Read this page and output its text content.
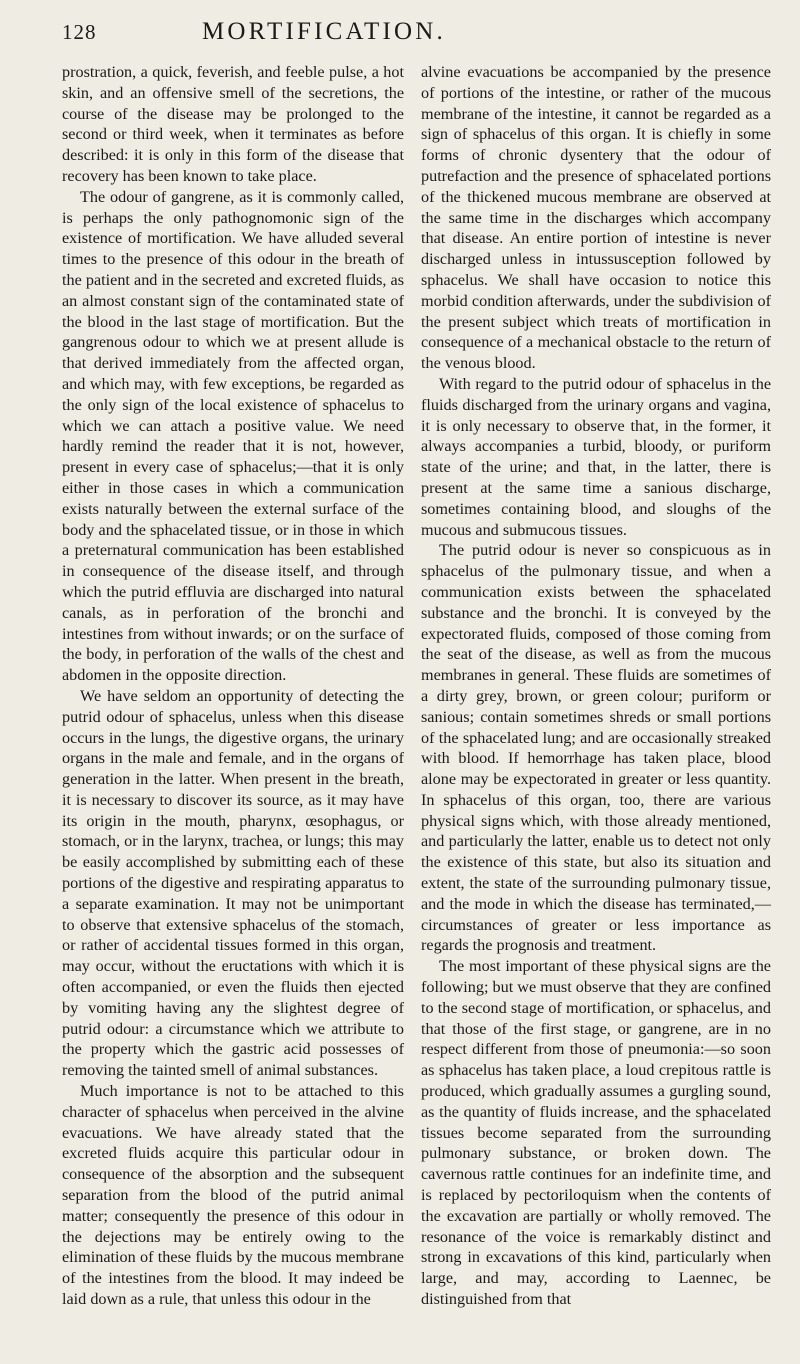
128	MORTIFICATION.

prostration, a quick, feverish, and feeble pulse, a hot skin, and an offensive smell of the secretions, the course of the disease may be prolonged to the second or third week, when it terminates as before described: it is only in this form of the disease that recovery has been known to take place.

The odour of gangrene, as it is commonly called, is perhaps the only pathognomonic sign of the existence of mortification. We have alluded several times to the presence of this odour in the breath of the patient and in the secreted and excreted fluids, as an almost constant sign of the contaminated state of the blood in the last stage of mortification. But the gangrenous odour to which we at present allude is that derived immediately from the affected organ, and which may, with few exceptions, be regarded as the only sign of the local existence of sphacelus to which we can attach a positive value. We need hardly remind the reader that it is not, however, present in every case of sphacelus;—that it is only either in those cases in which a communication exists naturally between the external surface of the body and the sphacelated tissue, or in those in which a preternatural communication has been established in consequence of the disease itself, and through which the putrid effluvia are discharged into natural canals, as in perforation of the bronchi and intestines from without inwards; or on the surface of the body, in perforation of the walls of the chest and abdomen in the opposite direction.

We have seldom an opportunity of detecting the putrid odour of sphacelus, unless when this disease occurs in the lungs, the digestive organs, the urinary organs in the male and female, and in the organs of generation in the latter. When present in the breath, it is necessary to discover its source, as it may have its origin in the mouth, pharynx, œsophagus, or stomach, or in the larynx, trachea, or lungs; this may be easily accomplished by submitting each of these portions of the digestive and respirating apparatus to a separate examination. It may not be unimportant to observe that extensive sphacelus of the stomach, or rather of accidental tissues formed in this organ, may occur, without the eructations with which it is often accompanied, or even the fluids then ejected by vomiting having any the slightest degree of putrid odour: a circumstance which we attribute to the property which the gastric acid possesses of removing the tainted smell of animal substances.

Much importance is not to be attached to this character of sphacelus when perceived in the alvine evacuations. We have already stated that the excreted fluids acquire this particular odour in consequence of the absorption and the subsequent separation from the blood of the putrid animal matter; consequently the presence of this odour in the dejections may be entirely owing to the elimination of these fluids by the mucous membrane of the intestines from the blood. It may indeed be laid down as a rule, that unless this odour in the

alvine evacuations be accompanied by the presence of portions of the intestine, or rather of the mucous membrane of the intestine, it cannot be regarded as a sign of sphacelus of this organ. It is chiefly in some forms of chronic dysentery that the odour of putrefaction and the presence of sphacelated portions of the thickened mucous membrane are observed at the same time in the discharges which accompany that disease. An entire portion of intestine is never discharged unless in intussusception followed by sphacelus. We shall have occasion to notice this morbid condition afterwards, under the subdivision of the present subject which treats of mortification in consequence of a mechanical obstacle to the return of the venous blood.

With regard to the putrid odour of sphacelus in the fluids discharged from the urinary organs and vagina, it is only necessary to observe that, in the former, it always accompanies a turbid, bloody, or puriform state of the urine; and that, in the latter, there is present at the same time a sanious discharge, sometimes containing blood, and sloughs of the mucous and submucous tissues.

The putrid odour is never so conspicuous as in sphacelus of the pulmonary tissue, and when a communication exists between the sphacelated substance and the bronchi. It is conveyed by the expectorated fluids, composed of those coming from the seat of the disease, as well as from the mucous membranes in general. These fluids are sometimes of a dirty grey, brown, or green colour; puriform or sanious; contain sometimes shreds or small portions of the sphacelated lung; and are occasionally streaked with blood. If hemorrhage has taken place, blood alone may be expectorated in greater or less quantity. In sphacelus of this organ, too, there are various physical signs which, with those already mentioned, and particularly the latter, enable us to detect not only the existence of this state, but also its situation and extent, the state of the surrounding pulmonary tissue, and the mode in which the disease has terminated,—circumstances of greater or less importance as regards the prognosis and treatment.

The most important of these physical signs are the following; but we must observe that they are confined to the second stage of mortification, or sphacelus, and that those of the first stage, or gangrene, are in no respect different from those of pneumonia:—so soon as sphacelus has taken place, a loud crepitous rattle is produced, which gradually assumes a gurgling sound, as the quantity of fluids increase, and the sphacelated tissues become separated from the surrounding pulmonary substance, or broken down. The cavernous rattle continues for an indefinite time, and is replaced by pectoriloquism when the contents of the excavation are partially or wholly removed. The resonance of the voice is remarkably distinct and strong in excavations of this kind, particularly when large, and may, according to Laennec, be distinguished from that
